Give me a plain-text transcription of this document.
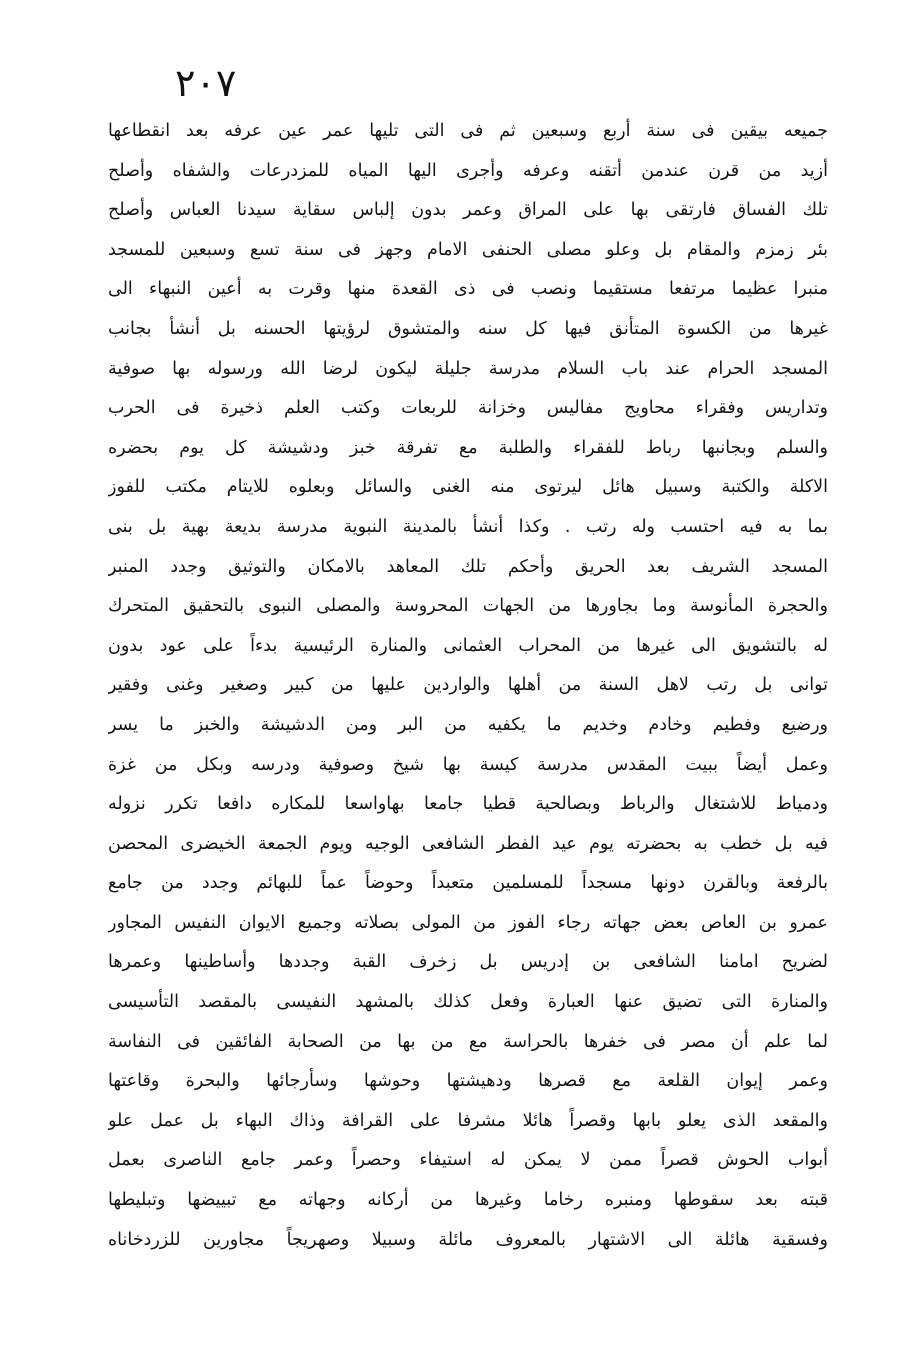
٢٠٧
جميعه بيقين فى سنة أربع وسبعين ثم فى التى تليها عمر عين عرفه بعد انقطاعها
أزيد من قرن عندمن أتقنه وعرفه وأجرى اليها المياه للمزدرعات والشفاه وأصلح
تلك الفساق فارتقى بها على المراق وعمر بدون إلباس سقاية سيدنا العباس وأصلح
بئر زمزم والمقام بل وعلو مصلى الحنفى الامام وجهز فى سنة تسع وسبعين للمسجد
منبرا عظيما مرتفعا مستقيما ونصب فى ذى القعدة منها وقرت به أعين النبهاء الى
غيرها من الكسوة المتأنق فيها كل سنه والمتشوق لرؤيتها الحسنه بل أنشأ بجانب
المسجد الحرام عند باب السلام مدرسة جليلة ليكون لرضا الله ورسوله بها صوفية
وتداريس وفقراء محاويج مفاليس وخزانة للربعات وكتب العلم ذخيرة فى الحرب
والسلم وبجانبها رباط للفقراء والطلبة مع تفرقة خبز ودشيشة كل يوم بحضره
الاكلة والكتبة وسبيل هائل ليرتوى منه الغنى والسائل وبعلوه للايتام مكتب للفوز
بما به فيه احتسب وله رتب . وكذا أنشأ بالمدينة النبوية مدرسة بديعة بهية بل بنى
المسجد الشريف بعد الحريق وأحكم تلك المعاهد بالامكان والتوثيق وجدد المنبر
والحجرة المأنوسة وما بجاورها من الجهات المحروسة والمصلى النبوى بالتحقيق المتحرك
له بالتشويق الى غيرها من المحراب العثمانى والمنارة الرئيسية بدءاً على عود بدون
توانى بل رتب لاهل السنة من أهلها والواردين عليها من كبير وصغير وغنى وفقير
ورضيع وفطيم وخادم وخديم ما يكفيه من البر ومن الدشيشة والخبز ما يسر
وعمل أيضاً ببيت المقدس مدرسة كيسة بها شيخ وصوفية ودرسه وبكل من غزة
ودمياط للاشتغال والرباط وبصالحية قطيا جامعا بهاواسعا للمكاره دافعا تكرر نزوله
فيه بل خطب به بحضرته يوم عيد الفطر الشافعى الوجيه ويوم الجمعة الخيضرى المحصن
بالرفعة وبالقرن دونها مسجداً للمسلمين متعبداً وحوضاً عماً للبهائم وجدد من جامع
عمرو بن العاص بعض جهاته رجاء الفوز من المولى بصلاته وجميع الايوان النفيس المجاور
لضريح امامنا الشافعى بن إدريس بل زخرف القبة وجددها وأساطينها وعمرها
والمنارة التى تضيق عنها العبارة وفعل كذلك بالمشهد النفيسى بالمقصد التأسيسى
لما علم أن مصر فى خفرها بالحراسة مع من بها من الصحابة الفائقين فى النفاسة
وعمر إيوان القلعة مع قصرها ودهيشتها وحوشها وسأرجائها والبحرة وقاعتها
والمقعد الذى يعلو بابها وقصراً هائلا مشرفا على القرافة وذاك البهاء بل عمل علو
أبواب الحوش قصراً ممن لا يمكن له استيفاء وحصراً وعمر جامع الناصرى بعمل
قبته بعد سقوطها ومنبره رخاما وغيرها من أركانه وجهاته مع تبييضها وتبليطها
وفسقية هائلة الى الاشتهار بالمعروف مائلة وسبيلا وصهريجاً مجاورين للزردخاناه
